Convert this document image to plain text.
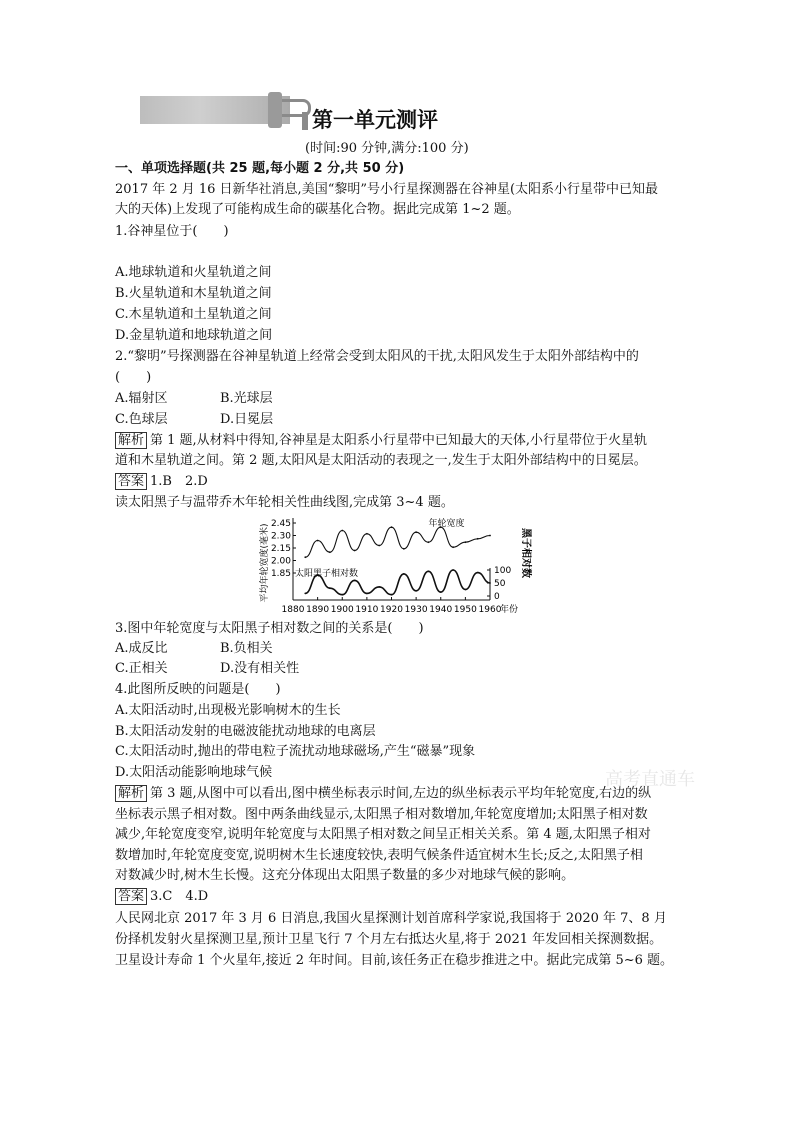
第一单元测评
(时间:90 分钟,满分:100 分)
一、单项选择题(共 25 题,每小题 2 分,共 50 分)
2017 年 2 月 16 日新华社消息,美国“黎明”号小行星探测器在谷神星(太阳系小行星带中已知最
大的天体)上发现了可能构成生命的碳基化合物。据此完成第 1~2 题。
1.谷神星位于(　　)
A.地球轨道和火星轨道之间
B.火星轨道和木星轨道之间
C.木星轨道和土星轨道之间
D.金星轨道和地球轨道之间
2.“黎明”号探测器在谷神星轨道上经常会受到太阳风的干扰,太阳风发生于太阳外部结构中的
(　　)
A.辐射区	B.光球层
C.色球层	D.日冕层
解析 第 1 题,从材料中得知,谷神星是太阳系小行星带中已知最大的天体,小行星带位于火星轨
道和木星轨道之间。第 2 题,太阳风是太阳活动的表现之一,发生于太阳外部结构中的日冕层。
答案 1.B　2.D
读太阳黑子与温带乔木年轮相关性曲线图,完成第 3~4 题。
1880 1890 1900 1910 1920 1930 1940 1950 1960
年份
2.45
2.30
2.15
2.00
1.85	100
50
0
平均年轮宽度(毫米)	黑子相对数
年轮宽度
太阳黑子相对数
3.图中年轮宽度与太阳黑子相对数之间的关系是(　　)
A.成反比	B.负相关
C.正相关	D.没有相关性
4.此图所反映的问题是(　　)
A.太阳活动时,出现极光影响树木的生长
B.太阳活动发射的电磁波能扰动地球的电离层
C.太阳活动时,抛出的带电粒子流扰动地球磁场,产生“磁暴”现象
D.太阳活动能影响地球气候
解析 第 3 题,从图中可以看出,图中横坐标表示时间,左边的纵坐标表示平均年轮宽度,右边的纵
坐标表示黑子相对数。图中两条曲线显示,太阳黑子相对数增加,年轮宽度增加;太阳黑子相对数
减少,年轮宽度变窄,说明年轮宽度与太阳黑子相对数之间呈正相关关系。第 4 题,太阳黑子相对
数增加时,年轮宽度变宽,说明树木生长速度较快,表明气候条件适宜树木生长;反之,太阳黑子相
对数减少时,树木生长慢。这充分体现出太阳黑子数量的多少对地球气候的影响。
答案 3.C　4.D
人民网北京 2017 年 3 月 6 日消息,我国火星探测计划首席科学家说,我国将于 2020 年 7、8 月
份择机发射火星探测卫星,预计卫星飞行 7 个月左右抵达火星,将于 2021 年发回相关探测数据。
卫星设计寿命 1 个火星年,接近 2 年时间。目前,该任务正在稳步推进之中。据此完成第 5~6 题。
高考直通车
